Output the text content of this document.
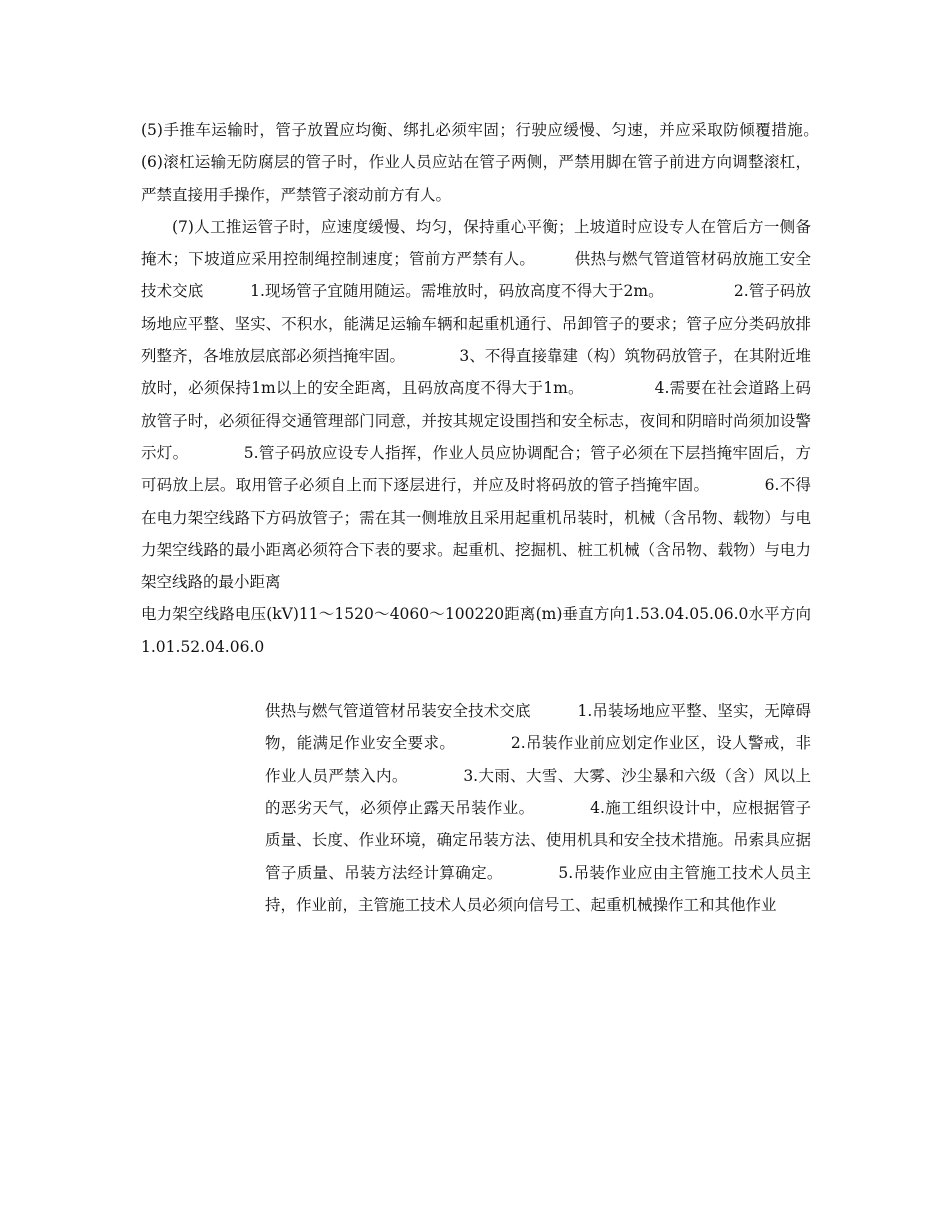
(5)手推车运输时，管子放置应均衡、绑扎必须牢固；行驶应缓慢、匀速，并应采取防倾覆措施。　　　　　(6)滚杠运输无防腐层的管子时，作业人员应站在管子两侧，严禁用脚在管子前进方向调整滚杠，严禁直接用手操作，严禁管子滚动前方有人。

(7)人工推运管子时，应速度缓慢、均匀，保持重心平衡；上坡道时应设专人在管后方一侧备掩木；下坡道应采用控制绳控制速度；管前方严禁有人。　　　供热与燃气管道管材码放施工安全技术交底　　　1.现场管子宜随用随运。需堆放时，码放高度不得大于2m。　　　　　2.管子码放场地应平整、坚实、不积水，能满足运输车辆和起重机通行、吊卸管子的要求；管子应分类码放排列整齐，各堆放层底部必须挡掩牢固。　　　　3、不得直接靠建（构）筑物码放管子，在其附近堆放时，必须保持1m以上的安全距离，且码放高度不得大于1m。　　　　　4.需要在社会道路上码放管子时，必须征得交通管理部门同意，并按其规定设围挡和安全标志，夜间和阴暗时尚须加设警示灯。　　　　5.管子码放应设专人指挥，作业人员应协调配合；管子必须在下层挡掩牢固后，方可码放上层。取用管子必须自上而下逐层进行，并应及时将码放的管子挡掩牢固。　　　　6.不得在电力架空线路下方码放管子；需在其一侧堆放且采用起重机吊装时，机械（含吊物、载物）与电力架空线路的最小距离必须符合下表的要求。起重机、挖掘机、桩工机械（含吊物、载物）与电力架空线路的最小距离

电力架空线路电压(kV)11～1520～4060～100220距离(m)垂直方向1.53.04.05.06.0水平方向1.01.52.04.06.0

供热与燃气管道管材吊装安全技术交底　　　1.吊装场地应平整、坚实，无障碍物，能满足作业安全要求。　　　　2.吊装作业前应划定作业区，设人警戒，非作业人员严禁入内。　　　　3.大雨、大雪、大雾、沙尘暴和六级（含）风以上的恶劣天气，必须停止露天吊装作业。　　　　4.施工组织设计中，应根据管子质量、长度、作业环境，确定吊装方法、使用机具和安全技术措施。吊索具应据管子质量、吊装方法经计算确定。　　　　5.吊装作业应由主管施工技术人员主持，作业前，主管施工技术人员必须向信号工、起重机械操作工和其他作业
